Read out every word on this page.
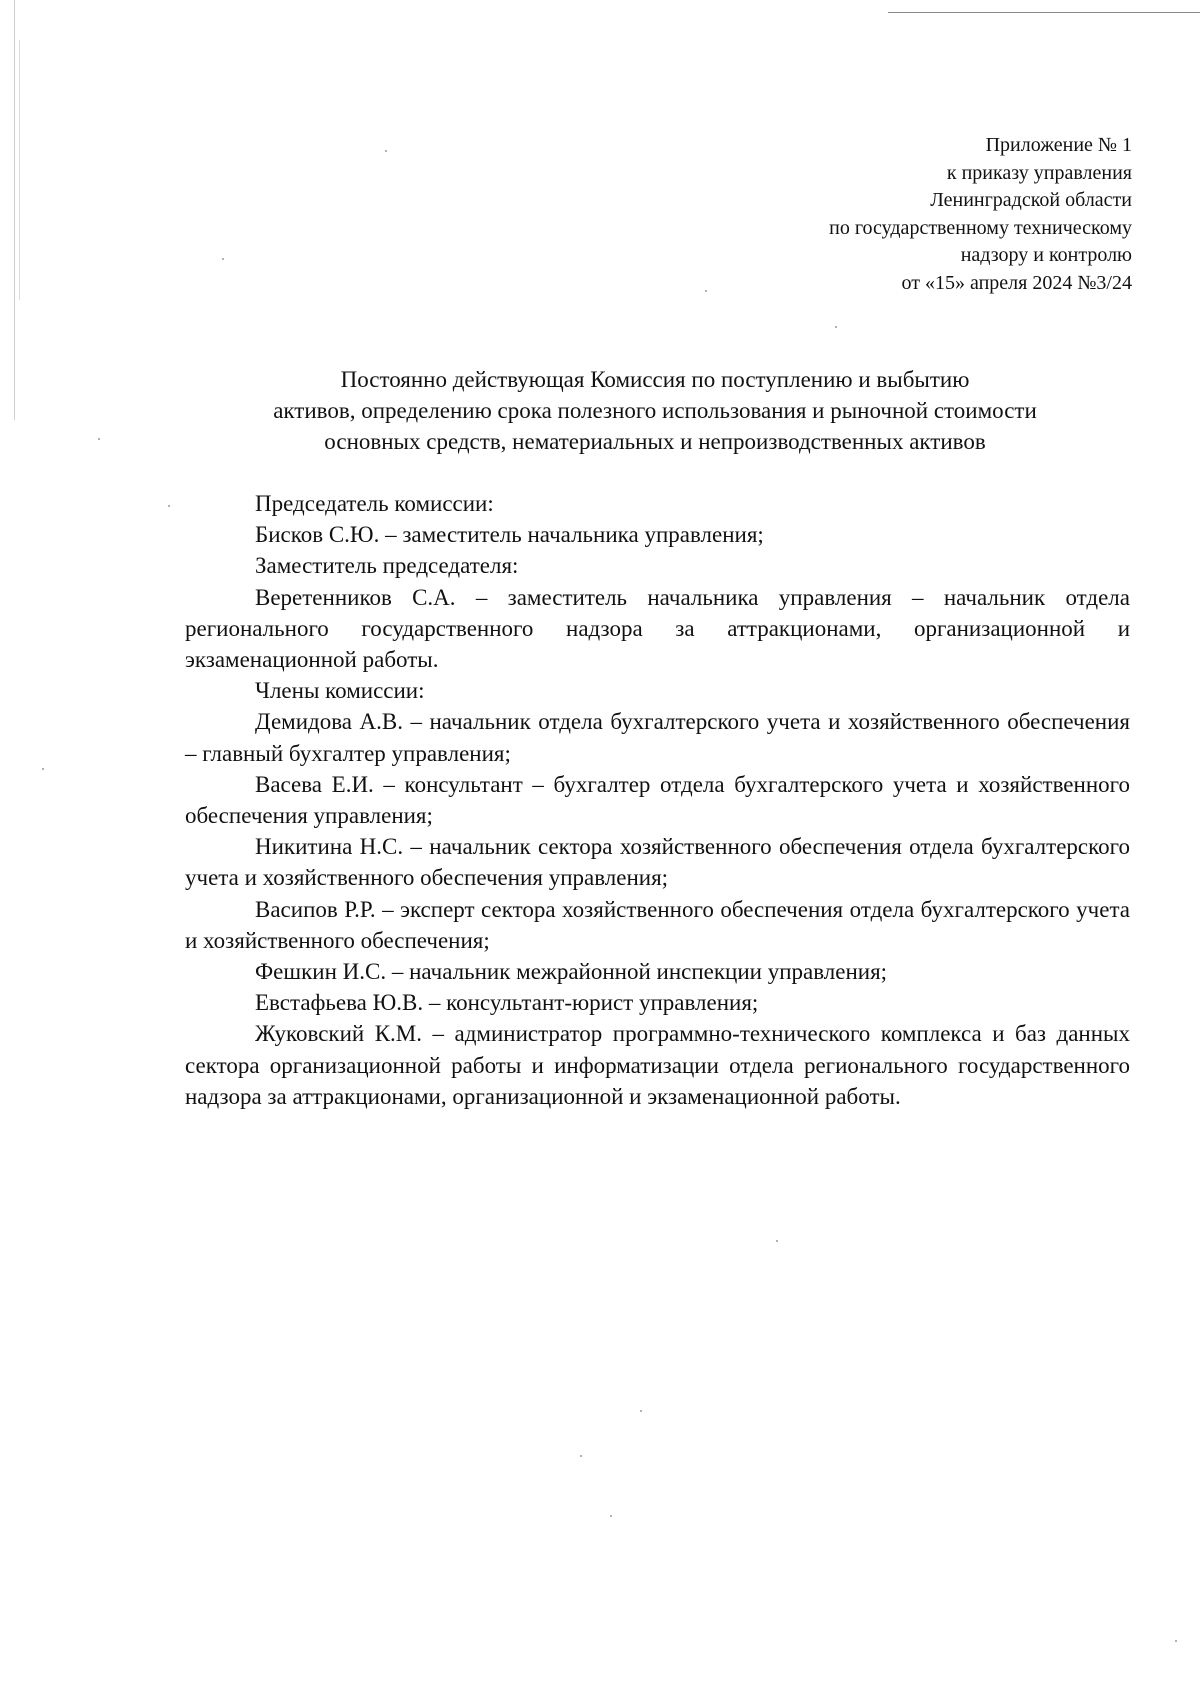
Приложение № 1
к приказу управления
Ленинградской области
по государственному техническому
надзору и контролю
от «15» апреля 2024 №3/24
Постоянно действующая Комиссия по поступлению и выбытию
активов, определению срока полезного использования и рыночной стоимости
основных средств, нематериальных и непроизводственных активов

Председатель комиссии:

Бисков С.Ю. – заместитель начальника управления;

Заместитель председателя:

Веретенников С.А. – заместитель начальника управления – начальник отдела регионального государственного надзора за аттракционами, организационной и экзаменационной работы.

Члены комиссии:

Демидова А.В. – начальник отдела бухгалтерского учета и хозяйственного обеспечения – главный бухгалтер управления;

Васева Е.И. – консультант – бухгалтер отдела бухгалтерского учета и хозяйственного обеспечения управления;

Никитина Н.С. – начальник сектора хозяйственного обеспечения отдела бухгалтерского учета и хозяйственного обеспечения управления;

Васипов Р.Р. – эксперт сектора хозяйственного обеспечения отдела бухгалтерского учета и хозяйственного обеспечения;

Фешкин И.С. – начальник межрайонной инспекции управления;

Евстафьева Ю.В. – консультант-юрист управления;

Жуковский К.М. – администратор программно-технического комплекса и баз данных сектора организационной работы и информатизации отдела регионального государственного надзора за аттракционами, организационной и экзаменационной работы.
